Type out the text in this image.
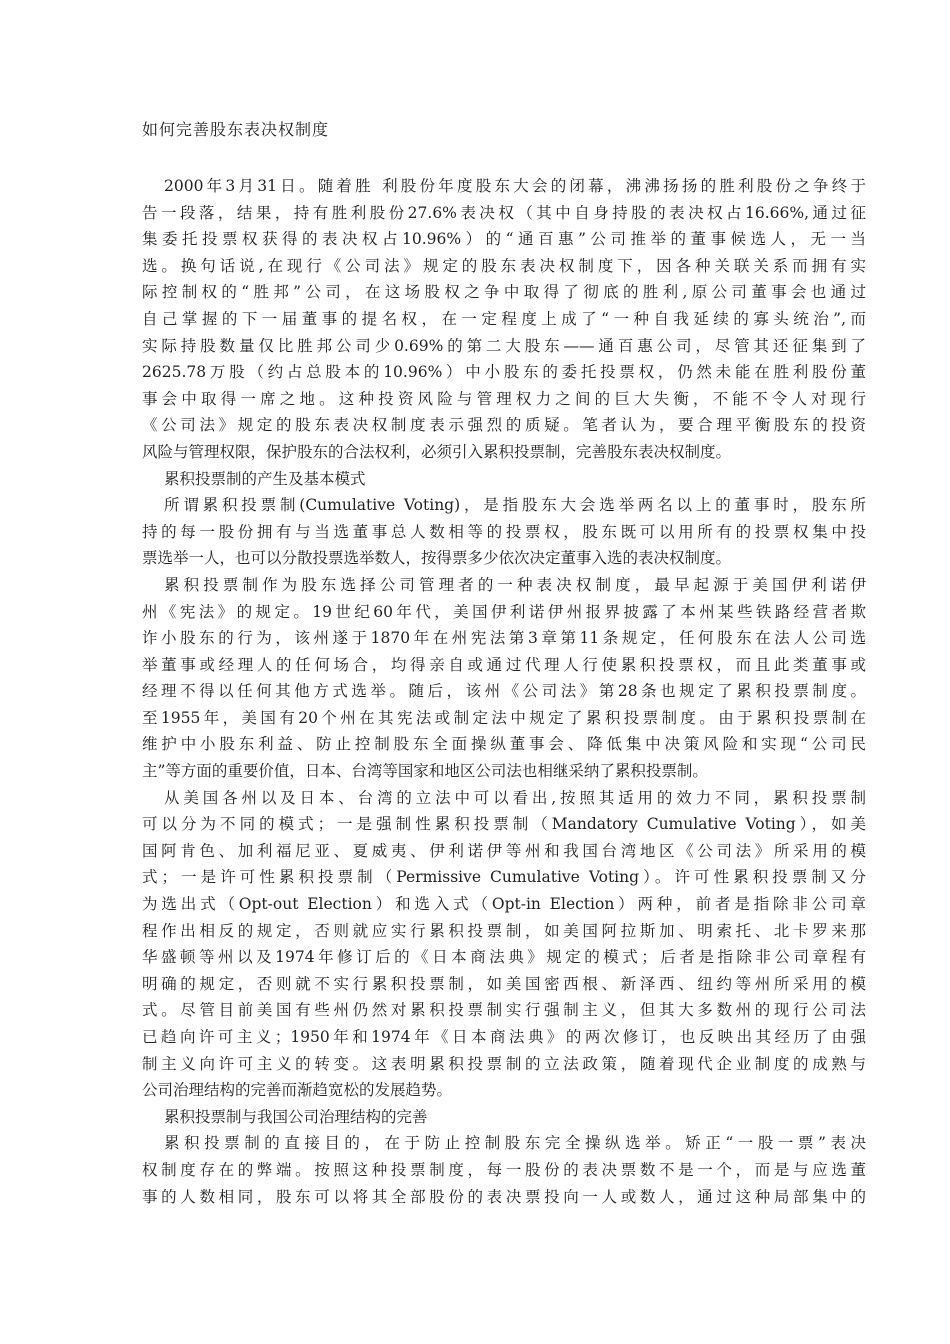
如何完善股东表决权制度
2000年3月31日。随着胜 利股份年度股东大会的闭幕，沸沸扬扬的胜利股份之争终于
告一段落，结果，持有胜利股份27.6%表决权（其中自身持股的表决权占16.66%,通过征
集委托投票权获得的表决权占10.96%）的“通百惠”公司推举的董事候选人，无一当
选。换句话说,在现行《公司法》规定的股东表决权制度下，因各种关联关系而拥有实
际控制权的“胜邦”公司，在这场股权之争中取得了彻底的胜利,原公司董事会也通过
自己掌握的下一届董事的提名权，在一定程度上成了“一种自我延续的寡头统治”,而
实际持股数量仅比胜邦公司少0.69%的第二大股东——通百惠公司，尽管其还征集到了
2625.78万股（约占总股本的10.96%）中小股东的委托投票权，仍然未能在胜利股份董
事会中取得一席之地。这种投资风险与管理权力之间的巨大失衡，不能不令人对现行
《公司法》规定的股东表决权制度表示强烈的质疑。笔者认为，要合理平衡股东的投资
风险与管理权限，保护股东的合法权利，必须引入累积投票制，完善股东表决权制度。
累积投票制的产生及基本模式
所谓累积投票制(Cumulative Voting)，是指股东大会选举两名以上的董事时，股东所
持的每一股份拥有与当选董事总人数相等的投票权，股东既可以用所有的投票权集中投
票选举一人，也可以分散投票选举数人，按得票多少依次决定董事入选的表决权制度。
累积投票制作为股东选择公司管理者的一种表决权制度，最早起源于美国伊利诺伊
州《宪法》的规定。19世纪60年代，美国伊利诺伊州报界披露了本州某些铁路经营者欺
诈小股东的行为，该州遂于1870年在州宪法第3章第11条规定，任何股东在法人公司选
举董事或经理人的任何场合，均得亲自或通过代理人行使累积投票权，而且此类董事或
经理不得以任何其他方式选举。随后，该州《公司法》第28条也规定了累积投票制度。
至1955年，美国有20个州在其宪法或制定法中规定了累积投票制度。由于累积投票制在
维护中小股东利益、防止控制股东全面操纵董事会、降低集中决策风险和实现“公司民
主”等方面的重要价值，日本、台湾等国家和地区公司法也相继采纳了累积投票制。
从美国各州以及日本、台湾的立法中可以看出,按照其适用的效力不同，累积投票制
可以分为不同的模式；一是强制性累积投票制（Mandatory Cumulative Voting），如美
国阿肯色、加利福尼亚、夏威夷、伊利诺伊等州和我国台湾地区《公司法》所采用的模
式；一是许可性累积投票制（Permissive Cumulative Voting）。许可性累积投票制又分
为选出式（Opt-out Election）和选入式（Opt-in Election）两种，前者是指除非公司章
程作出相反的规定，否则就应实行累积投票制，如美国阿拉斯加、明索托、北卡罗来那
华盛顿等州以及1974年修订后的《日本商法典》规定的模式；后者是指除非公司章程有
明确的规定，否则就不实行累积投票制，如美国密西根、新泽西、纽约等州所采用的模
式。尽管目前美国有些州仍然对累积投票制实行强制主义，但其大多数州的现行公司法
已趋向许可主义；1950年和1974年《日本商法典》的两次修订，也反映出其经历了由强
制主义向许可主义的转变。这表明累积投票制的立法政策，随着现代企业制度的成熟与
公司治理结构的完善而渐趋宽松的发展趋势。
累积投票制与我国公司治理结构的完善
累积投票制的直接目的，在于防止控制股东完全操纵选举。矫正“一股一票”表决
权制度存在的弊端。按照这种投票制度，每一股份的表决票数不是一个，而是与应选董
事的人数相同，股东可以将其全部股份的表决票投向一人或数人，通过这种局部集中的
